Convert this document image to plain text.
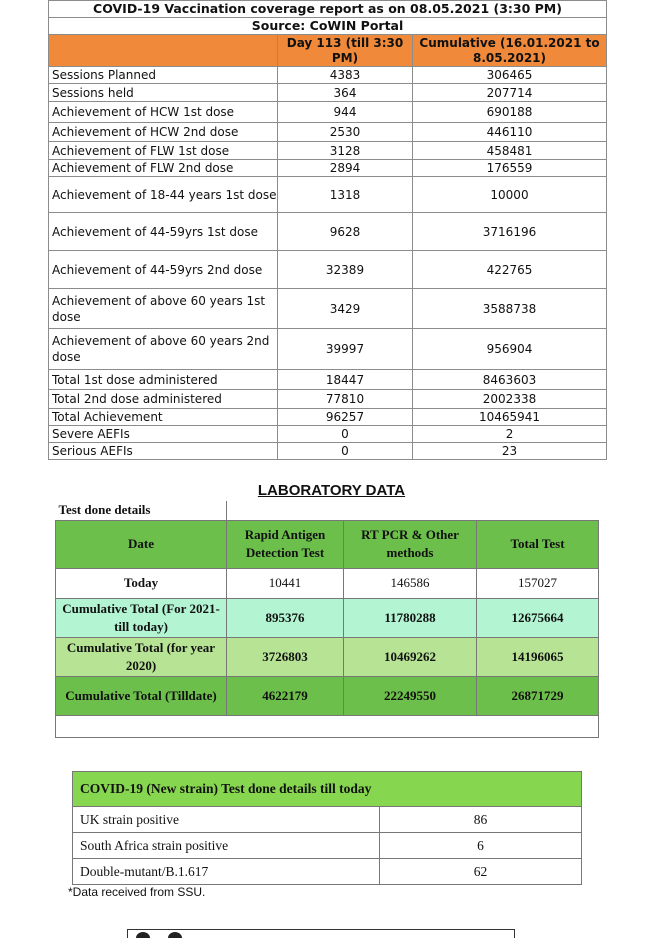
COVID-19 Vaccination coverage report as on 08.05.2021 (3:30 PM)		
Source: CoWIN Portal		
	Day 113 (till 3:30 PM)	Cumulative (16.01.2021 to 8.05.2021)
Sessions Planned	4383	306465
Sessions held	364	207714
Achievement of HCW 1st dose	944	690188
Achievement of HCW 2nd dose	2530	446110
Achievement of FLW 1st dose	3128	458481
Achievement of FLW 2nd dose	2894	176559
Achievement of 18-44 years 1st dose	1318	10000
Achievement of 44-59yrs 1st dose	9628	3716196
Achievement of 44-59yrs 2nd dose	32389	422765
Achievement of above 60 years 1st dose	3429	3588738
Achievement of above 60 years 2nd dose	39997	956904
Total 1st dose administered	18447	8463603
Total 2nd dose administered	77810	2002338
Total Achievement	96257	10465941
Severe AEFIs	0	2
Serious AEFIs	0	23
LABORATORY DATA
Test done details			
Date	Rapid Antigen Detection Test	RT PCR & Other methods	Total Test
Today	10441	146586	157027
Cumulative Total (For 2021- till today)	895376	11780288	12675664
Cumulative Total (for year 2020)	3726803	10469262	14196065
Cumulative Total (Tilldate)	4622179	22249550	26871729

COVID-19 (New strain) Test done details till today	
UK strain positive	86
South Africa strain positive	6
Double-mutant/B.1.617	62
*Data received from SSU.
